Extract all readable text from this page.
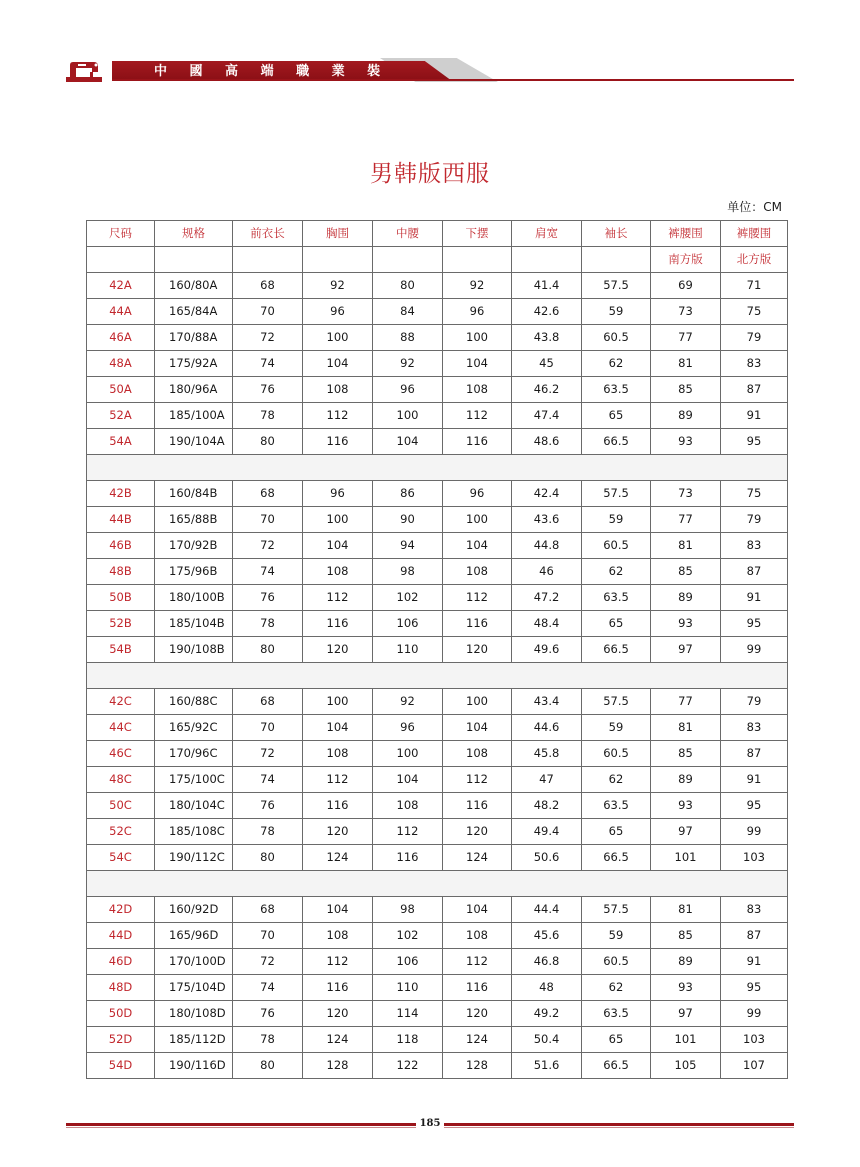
中 國 高 端 職 業 裝
男韩版西服
单位：CM
尺码	规格	前衣长	胸围	中腰	下摆	肩宽	袖长	裤腰围	裤腰围
								南方版	北方版
42A	160/80A	68	92	80	92	41.4	57.5	69	71
44A	165/84A	70	96	84	96	42.6	59	73	75
46A	170/88A	72	100	88	100	43.8	60.5	77	79
48A	175/92A	74	104	92	104	45	62	81	83
50A	180/96A	76	108	96	108	46.2	63.5	85	87
52A	185/100A	78	112	100	112	47.4	65	89	91
54A	190/104A	80	116	104	116	48.6	66.5	93	95

42B	160/84B	68	96	86	96	42.4	57.5	73	75
44B	165/88B	70	100	90	100	43.6	59	77	79
46B	170/92B	72	104	94	104	44.8	60.5	81	83
48B	175/96B	74	108	98	108	46	62	85	87
50B	180/100B	76	112	102	112	47.2	63.5	89	91
52B	185/104B	78	116	106	116	48.4	65	93	95
54B	190/108B	80	120	110	120	49.6	66.5	97	99

42C	160/88C	68	100	92	100	43.4	57.5	77	79
44C	165/92C	70	104	96	104	44.6	59	81	83
46C	170/96C	72	108	100	108	45.8	60.5	85	87
48C	175/100C	74	112	104	112	47	62	89	91
50C	180/104C	76	116	108	116	48.2	63.5	93	95
52C	185/108C	78	120	112	120	49.4	65	97	99
54C	190/112C	80	124	116	124	50.6	66.5	101	103

42D	160/92D	68	104	98	104	44.4	57.5	81	83
44D	165/96D	70	108	102	108	45.6	59	85	87
46D	170/100D	72	112	106	112	46.8	60.5	89	91
48D	175/104D	74	116	110	116	48	62	93	95
50D	180/108D	76	120	114	120	49.2	63.5	97	99
52D	185/112D	78	124	118	124	50.4	65	101	103
54D	190/116D	80	128	122	128	51.6	66.5	105	107
185
